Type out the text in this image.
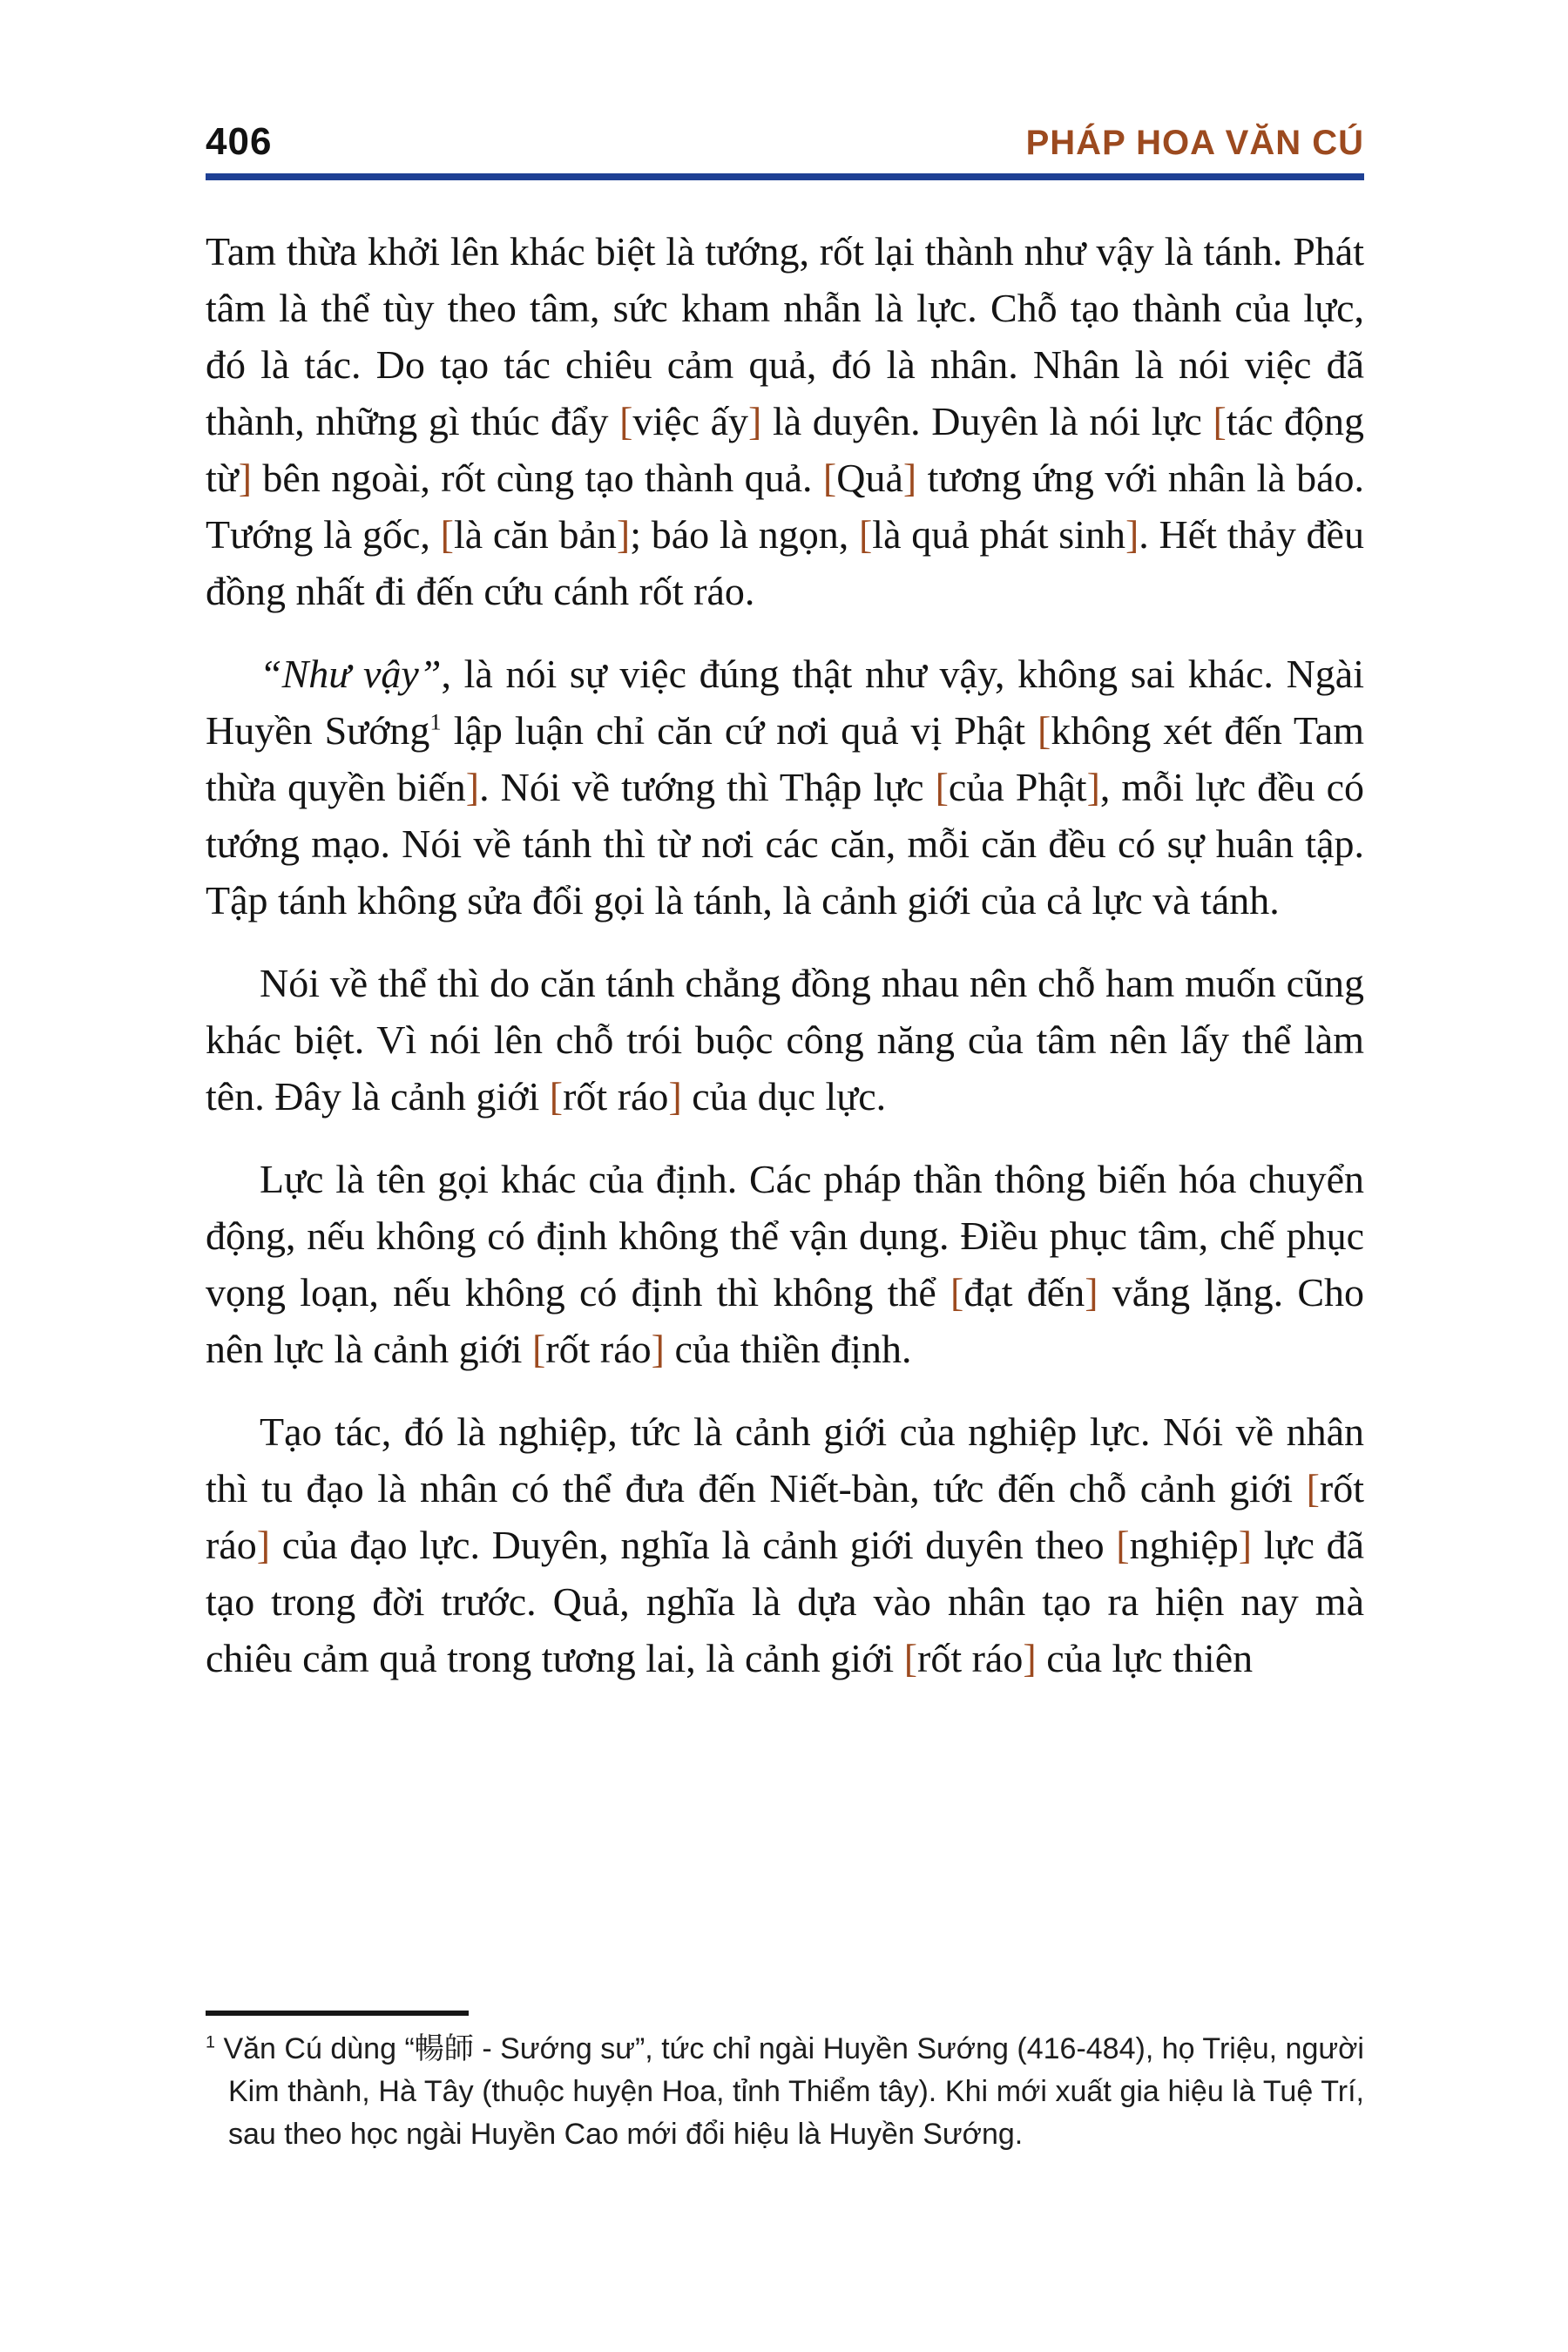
406	PHÁP HOA VĂN CÚ

Tam thừa khởi lên khác biệt là tướng, rốt lại thành như vậy là tánh. Phát tâm là thể tùy theo tâm, sức kham nhẫn là lực. Chỗ tạo thành của lực, đó là tác. Do tạo tác chiêu cảm quả, đó là nhân. Nhân là nói việc đã thành, những gì thúc đẩy [việc ấy] là duyên. Duyên là nói lực [tác động từ] bên ngoài, rốt cùng tạo thành quả. [Quả] tương ứng với nhân là báo. Tướng là gốc, [là căn bản]; báo là ngọn, [là quả phát sinh]. Hết thảy đều đồng nhất đi đến cứu cánh rốt ráo.

“Như vậy”, là nói sự việc đúng thật như vậy, không sai khác. Ngài Huyền Sướng$^1$ lập luận chỉ căn cứ nơi quả vị Phật [không xét đến Tam thừa quyền biến]. Nói về tướng thì Thập lực [của Phật], mỗi lực đều có tướng mạo. Nói về tánh thì từ nơi các căn, mỗi căn đều có sự huân tập. Tập tánh không sửa đổi gọi là tánh, là cảnh giới của cả lực và tánh.

Nói về thể thì do căn tánh chẳng đồng nhau nên chỗ ham muốn cũng khác biệt. Vì nói lên chỗ trói buộc công năng của tâm nên lấy thể làm tên. Đây là cảnh giới [rốt ráo] của dục lực.

Lực là tên gọi khác của định. Các pháp thần thông biến hóa chuyển động, nếu không có định không thể vận dụng. Điều phục tâm, chế phục vọng loạn, nếu không có định thì không thể [đạt đến] vắng lặng. Cho nên lực là cảnh giới [rốt ráo] của thiền định.

Tạo tác, đó là nghiệp, tức là cảnh giới của nghiệp lực. Nói về nhân thì tu đạo là nhân có thể đưa đến Niết-bàn, tức đến chỗ cảnh giới [rốt ráo] của đạo lực. Duyên, nghĩa là cảnh giới duyên theo [nghiệp] lực đã tạo trong đời trước. Quả, nghĩa là dựa vào nhân tạo ra hiện nay mà chiêu cảm quả trong tương lai, là cảnh giới [rốt ráo] của lực thiên

$^1$ Văn Cú dùng “暢師 - Sướng sư”, tức chỉ ngài Huyền Sướng (416-484), họ Triệu, người Kim thành, Hà Tây (thuộc huyện Hoa, tỉnh Thiểm tây). Khi mới xuất gia hiệu là Tuệ Trí, sau theo học ngài Huyền Cao mới đổi hiệu là Huyền Sướng.
